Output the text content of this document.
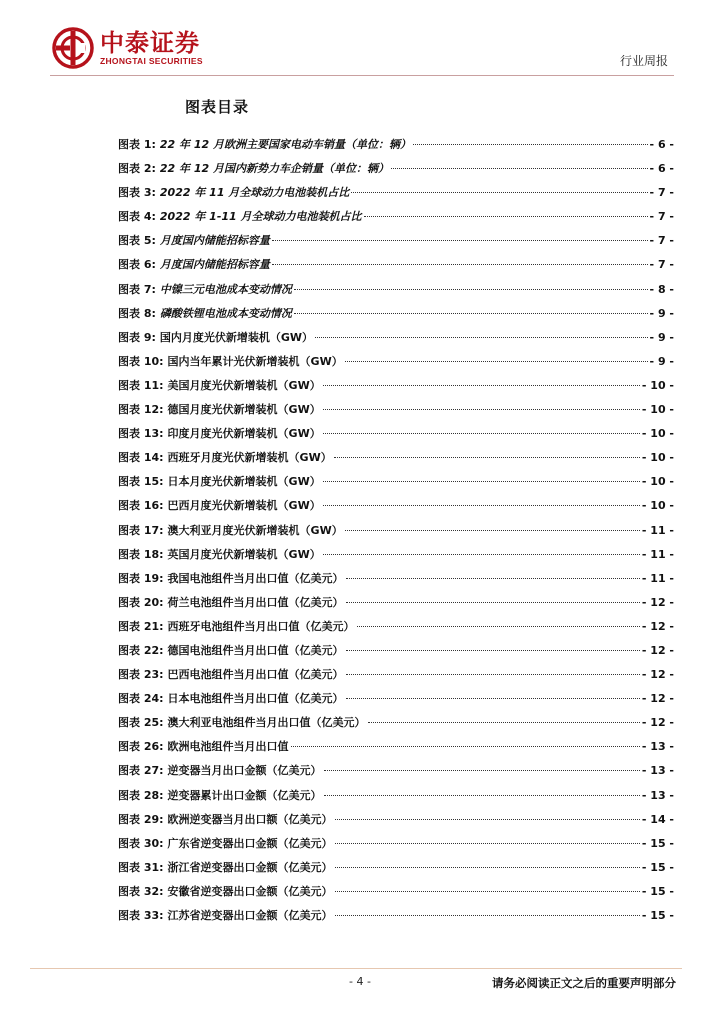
中泰证券
ZHONGTAI SECURITIES	行业周报
图表目录
图表 1: 22 年 12 月欧洲主要国家电动车销量（单位：辆）	- 6 -
图表 2: 22 年 12 月国内新势力车企销量（单位：辆）	- 6 -
图表 3: 2022 年 11 月全球动力电池装机占比	- 7 -
图表 4: 2022 年 1-11 月全球动力电池装机占比	- 7 -
图表 5: 月度国内储能招标容量	- 7 -
图表 6: 月度国内储能招标容量	- 7 -
图表 7: 中镍三元电池成本变动情况	- 8 -
图表 8: 磷酸铁锂电池成本变动情况	- 9 -
图表 9: 国内月度光伏新增装机（GW）	- 9 -
图表 10: 国内当年累计光伏新增装机（GW）	- 9 -
图表 11: 美国月度光伏新增装机（GW）	- 10 -
图表 12: 德国月度光伏新增装机（GW）	- 10 -
图表 13: 印度月度光伏新增装机（GW）	- 10 -
图表 14: 西班牙月度光伏新增装机（GW）	- 10 -
图表 15: 日本月度光伏新增装机（GW）	- 10 -
图表 16: 巴西月度光伏新增装机（GW）	- 10 -
图表 17: 澳大利亚月度光伏新增装机（GW）	- 11 -
图表 18: 英国月度光伏新增装机（GW）	- 11 -
图表 19: 我国电池组件当月出口值（亿美元）	- 11 -
图表 20: 荷兰电池组件当月出口值（亿美元）	- 12 -
图表 21: 西班牙电池组件当月出口值（亿美元）	- 12 -
图表 22: 德国电池组件当月出口值（亿美元）	- 12 -
图表 23: 巴西电池组件当月出口值（亿美元）	- 12 -
图表 24: 日本电池组件当月出口值（亿美元）	- 12 -
图表 25: 澳大利亚电池组件当月出口值（亿美元）	- 12 -
图表 26: 欧洲电池组件当月出口值	- 13 -
图表 27: 逆变器当月出口金额（亿美元）	- 13 -
图表 28: 逆变器累计出口金额（亿美元）	- 13 -
图表 29: 欧洲逆变器当月出口额（亿美元）	- 14 -
图表 30: 广东省逆变器出口金额（亿美元）	- 15 -
图表 31: 浙江省逆变器出口金额（亿美元）	- 15 -
图表 32: 安徽省逆变器出口金额（亿美元）	- 15 -
图表 33: 江苏省逆变器出口金额（亿美元）	- 15 -
- 4 -	请务必阅读正文之后的重要声明部分
